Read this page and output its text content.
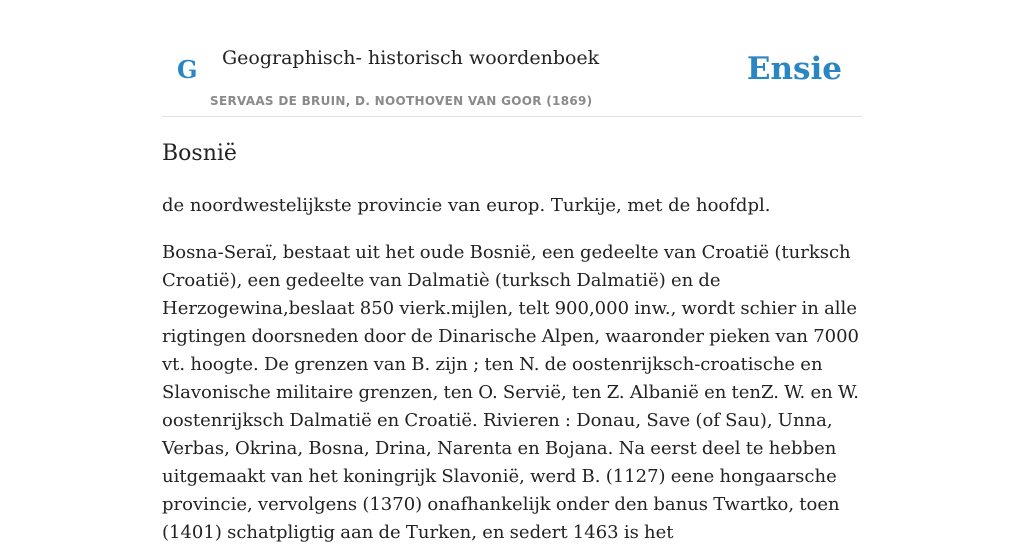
G Geographisch- historisch woordenboek
SERVAAS DE BRUIN, D. NOOTHOVEN VAN GOOR (1869)
Ensie
Bosnië

de noordwestelijkste provincie van europ. Turkije, met de hoofdpl.

Bosna-Seraï, bestaat uit het oude Bosnië, een gedeelte van Croatië (turksch Croatië), een gedeelte van Dalmatiè (turksch Dalmatië) en de Herzogewina,beslaat 850 vierk.mijlen, telt 900,000 inw., wordt schier in alle rigtingen doorsneden door de Dinarische Alpen, waaronder pieken van 7000 vt. hoogte. De grenzen van B. zijn ; ten N. de oostenrijksch-croatische en Slavonische militaire grenzen, ten O. Servië, ten Z. Albanië en tenZ. W. en W. oostenrijksch Dalmatië en Croatië. Rivieren : Donau, Save (of Sau), Unna, Verbas, Okrina, Bosna, Drina, Narenta en Bojana. Na eerst deel te hebben uitgemaakt van het koningrijk Slavonië, werd B. (1127) eene hongaarsche provincie, vervolgens (1370) onafhankelijk onder den banus Twartko, toen (1401) schatpligtig aan de Turken, en sedert 1463 is het
